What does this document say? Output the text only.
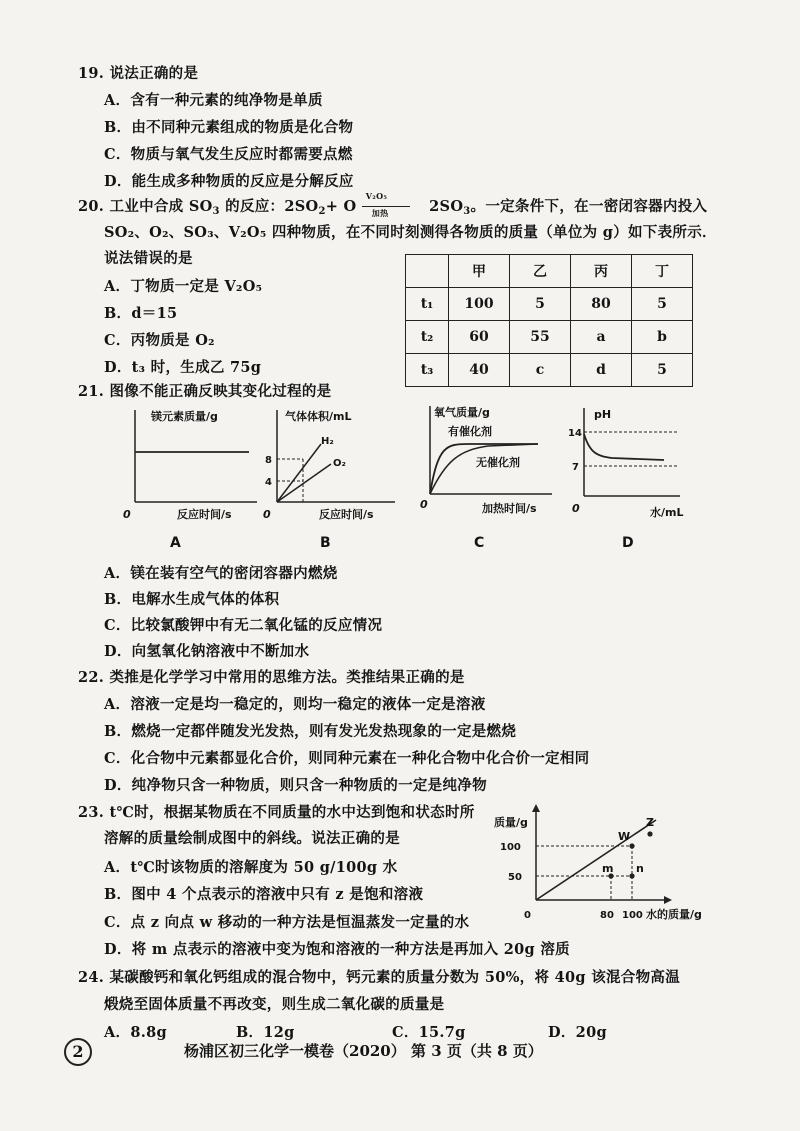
19. 说法正确的是
A．含有一种元素的纯净物是单质
B．由不同种元素组成的物质是化合物
C．物质与氧气发生反应时都需要点燃
D．能生成多种物质的反应是分解反应
20. 工业中合成 $SO_3$ 的反应：$2SO_2+ O$
V₂O₅
加热	$2SO_3$。一定条件下，在一密闭容器内投入
SO₂、O₂、SO₃、V₂O₅ 四种物质，在不同时刻测得各物质的质量（单位为 g）如下表所示．
说法错误的是
A．丁物质一定是 V₂O₅
B．d＝15
C．丙物质是 O₂
D．t₃ 时，生成乙 75g
	甲	乙	丙	丁
t₁	100	5	80	5
t₂	60	55	a	b
t₃	40	c	d	5
21. 图像不能正确反映其变化过程的是
镁元素质量/g
反应时间/s
0
A
气体体积/mL
反应时间/s
0
8
4
H₂
O₂
B
氧气质量/g
加热时间/s
0
有催化剂
无催化剂
C
pH
水/mL
0
14
7
D
A．镁在装有空气的密闭容器内燃烧
B．电解水生成气体的体积
C．比较氯酸钾中有无二氧化锰的反应情况
D．向氢氧化钠溶液中不断加水
22. 类推是化学学习中常用的思维方法。类推结果正确的是
A．溶液一定是均一稳定的，则均一稳定的液体一定是溶液
B．燃烧一定都伴随发光发热，则有发光发热现象的一定是燃烧
C．化合物中元素都显化合价，则同种元素在一种化合物中化合价一定相同
D．纯净物只含一种物质，则只含一种物质的一定是纯净物
23. t℃时，根据某物质在不同质量的水中达到饱和状态时所
溶解的质量绘制成图中的斜线。说法正确的是
A．t℃时该物质的溶解度为 50 g/100g 水
B．图中 4 个点表示的溶液中只有 z 是饱和溶液
C．点 z 向点 w 移动的一种方法是恒温蒸发一定量的水
D．将 m 点表示的溶液中变为饱和溶液的一种方法是再加入 20g 溶质
质量/g
100
50
0	80 100 水的质量/g
W
Z
m n
24. 某碳酸钙和氧化钙组成的混合物中，钙元素的质量分数为 50%，将 40g 该混合物高温
煅烧至固体质量不再改变，则生成二氧化碳的质量是
A．8.8g	B．12g	C．15.7g	D．20g
2	杨浦区初三化学一模卷（2020） 第 3 页（共 8 页）
